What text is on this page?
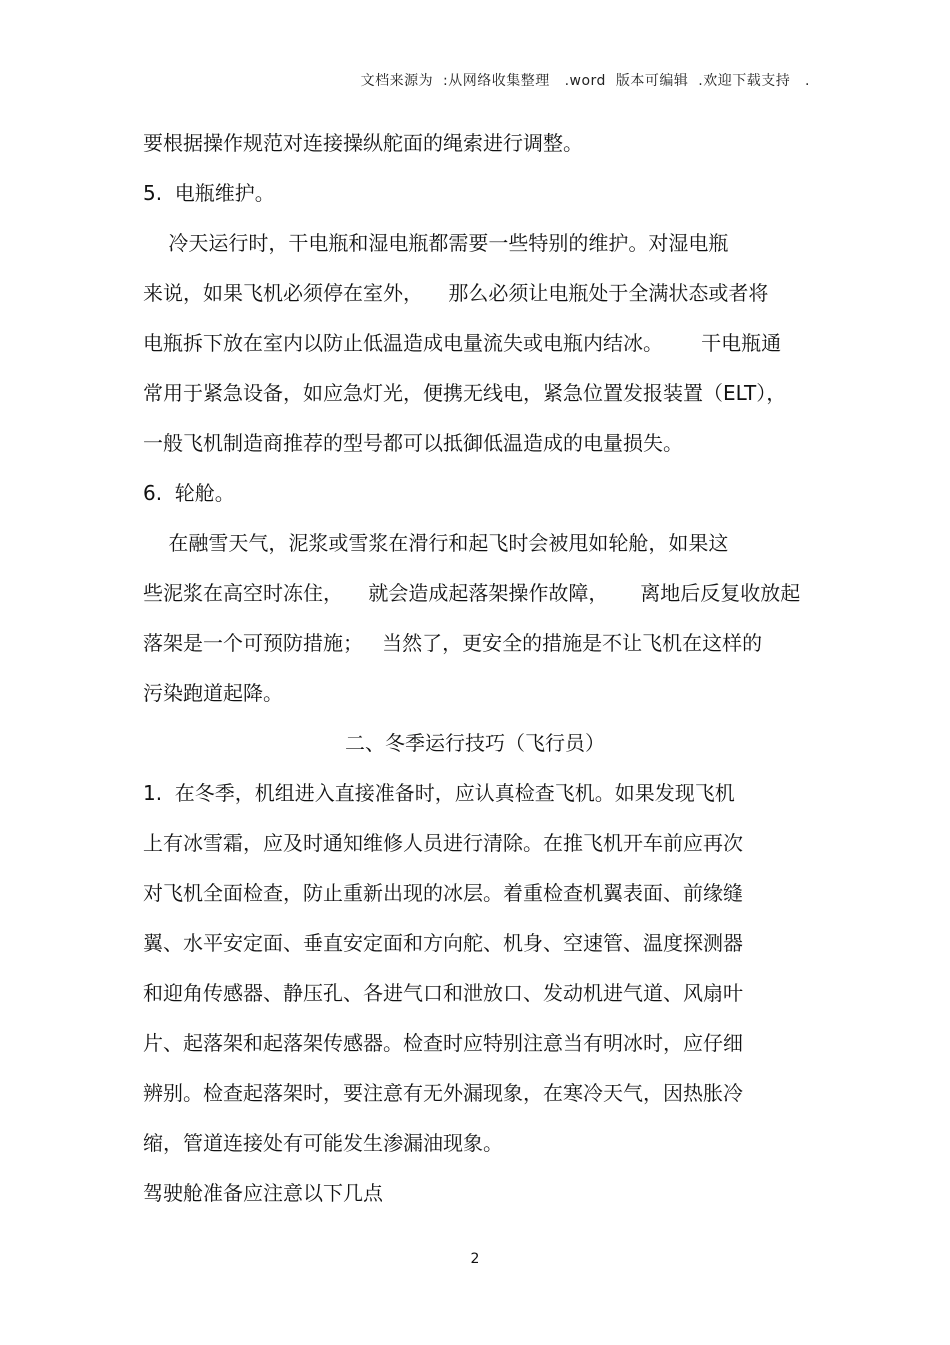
文档来源为  :从网络收集整理   .word  版本可编辑  .欢迎下载支持   .
要根据操作规范对连接操纵舵面的绳索进行调整。
5.  电瓶维护。
冷天运行时，干电瓶和湿电瓶都需要一些特别的维护。对湿电瓶
来说，如果飞机必须停在室外，    那么必须让电瓶处于全满状态或者将
电瓶拆下放在室内以防止低温造成电量流失或电瓶内结冰。      干电瓶通
常用于紧急设备，如应急灯光，便携无线电，紧急位置发报装置（ELT），
一般飞机制造商推荐的型号都可以抵御低温造成的电量损失。
6.  轮舱。
在融雪天气，泥浆或雪浆在滑行和起飞时会被甩如轮舱，如果这
些泥浆在高空时冻住，    就会造成起落架操作故障，     离地后反复收放起
落架是一个可预防措施；   当然了，更安全的措施是不让飞机在这样的
污染跑道起降。
二、冬季运行技巧（飞行员）
1.  在冬季，机组进入直接准备时，应认真检查飞机。如果发现飞机
上有冰雪霜，应及时通知维修人员进行清除。在推飞机开车前应再次
对飞机全面检查，防止重新出现的冰层。着重检查机翼表面、前缘缝
翼、水平安定面、垂直安定面和方向舵、机身、空速管、温度探测器
和迎角传感器、静压孔、各进气口和泄放口、发动机进气道、风扇叶
片、起落架和起落架传感器。检查时应特别注意当有明冰时，应仔细
辨别。检查起落架时，要注意有无外漏现象，在寒冷天气，因热胀冷
缩，管道连接处有可能发生渗漏油现象。
驾驶舱准备应注意以下几点
2
